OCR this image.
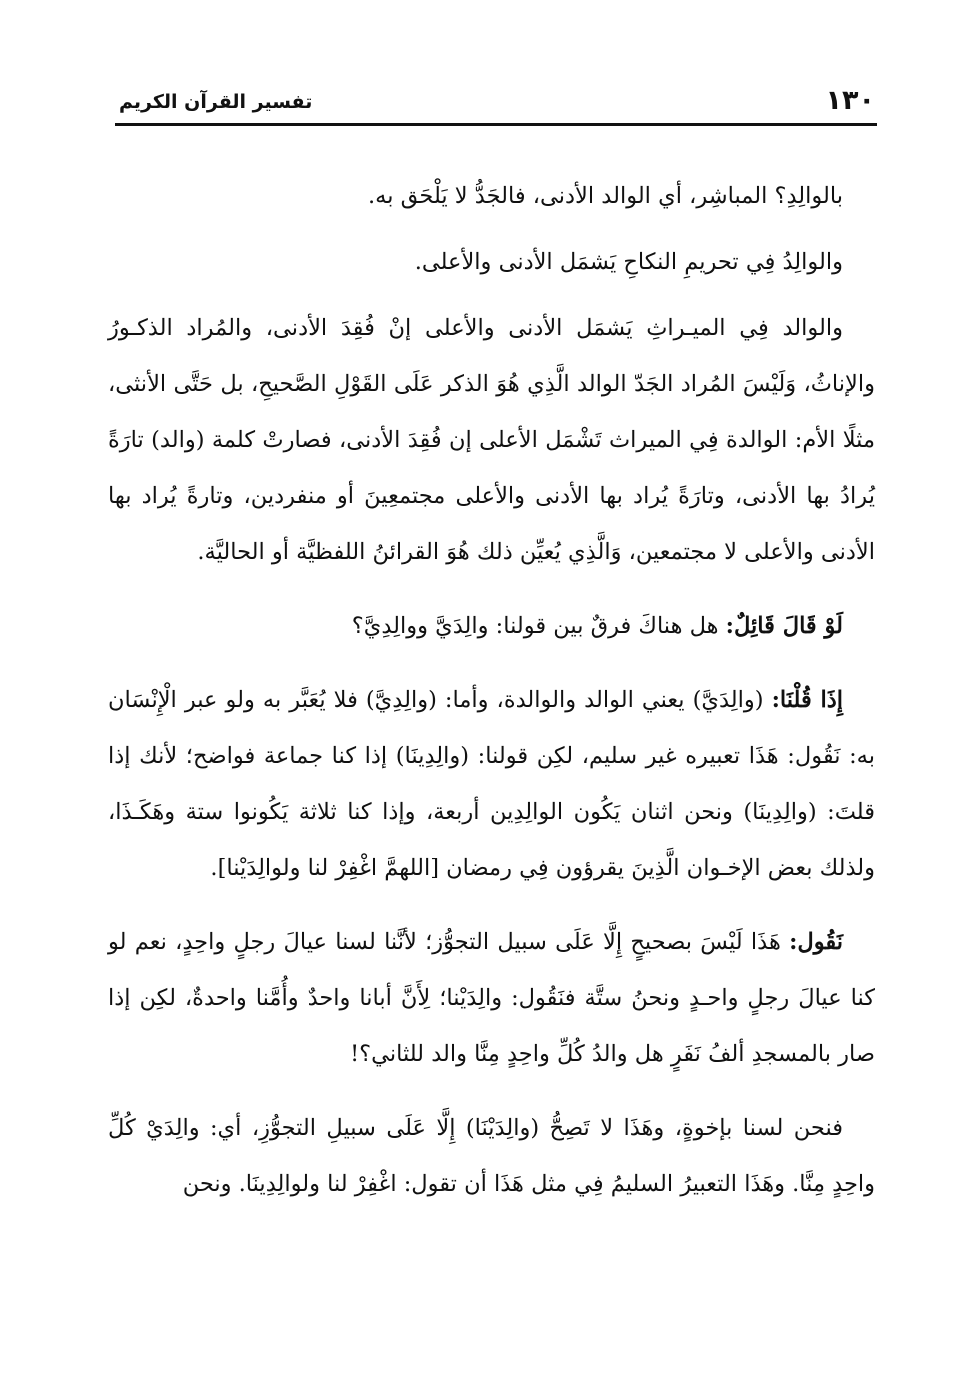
١٣٠
تفسير القرآن الكريم

بالوالِدِ؟ المباشِر، أي الوالد الأدنى، فالجَدُّ لا يَلْحَق به.

والوالِدُ فِي تحريمِ النكاحِ يَشمَل الأدنى والأعلى.

والوالد فِي الميـراثِ يَشمَل الأدنى والأعلى إنْ فُقِدَ الأدنى، والمُراد الذكـورُ والإناثُ، وَلَيْسَ المُراد الجَدّ الوالد الَّذِي هُوَ الذكر عَلَى القَوْلِ الصَّحيحِ، بل حَتَّى الأنثى، مثلًا الأم: الوالدة فِي الميراث تَشْمَل الأعلى إن فُقِدَ الأدنى، فصارتْ كلمة (والد) تارَةً يُرادُ بها الأدنى، وتارَةً يُراد بها الأدنى والأعلى مجتمعِينَ أو منفردين، وتارةً يُراد بها الأدنى والأعلى لا مجتمعين، وَالَّذِي يُعيِّن ذلك هُوَ القرائنُ اللفظيَّة أو الحاليَّة.

لَوْ قَالَ قَائِلٌ: هل هناكَ فرقٌ بين قولنا: والِدَيَّ ووالِدِيَّ؟

إِذَا قُلْنَا: (والِدَيَّ) يعني الوالد والوالدة، وأما: (والِدِيَّ) فلا يُعَبَّر به ولو عبر الْإِنْسَان به: نَقُول: هَذَا تعبيره غير سليم، لكِن قولنا: (والِدِينَا) إذا كنا جماعة فواضح؛ لأنك إذا قلتَ: (والِدِينَا) ونحن اثنان يَكُون الوالِدِين أربعة، وإذا كنا ثلاثة يَكُونوا ستة وهَكَـذَا، ولذلك بعض الإخـوان الَّذِينَ يقرؤون فِي رمضان [اللهمَّ اغْفِرْ لنا ولوالِدَيْنا].

نَقُول: هَذَا لَيْسَ بصحيحٍ إِلَّا عَلَى سبيل التجوُّز؛ لأنَّنا لسنا عيالَ رجلٍ واحِدٍ، نعم لو كنا عيالَ رجلٍ واحـدٍ ونحنُ ستَّة فنَقُول: والِدَيْنا؛ لِأَنَّ أبانا واحدٌ وأُمَّنا واحدةٌ، لكِن إذا صار بالمسجدِ ألفُ نَفَرٍ هل والدُ كُلِّ واحِدٍ مِنَّا والد للثاني؟!

فنحن لسنا بإخوةٍ، وهَذَا لا تَصِحُّ (والِدَيْنَا) إِلَّا عَلَى سبيلِ التجوُّزِ، أي: والِدَيْ كُلِّ واحِدٍ مِنَّا. وهَذَا التعبيرُ السليمُ فِي مثل هَذَا أن تقول: اغْفِرْ لنا ولوالِدِينَا. ونحن
